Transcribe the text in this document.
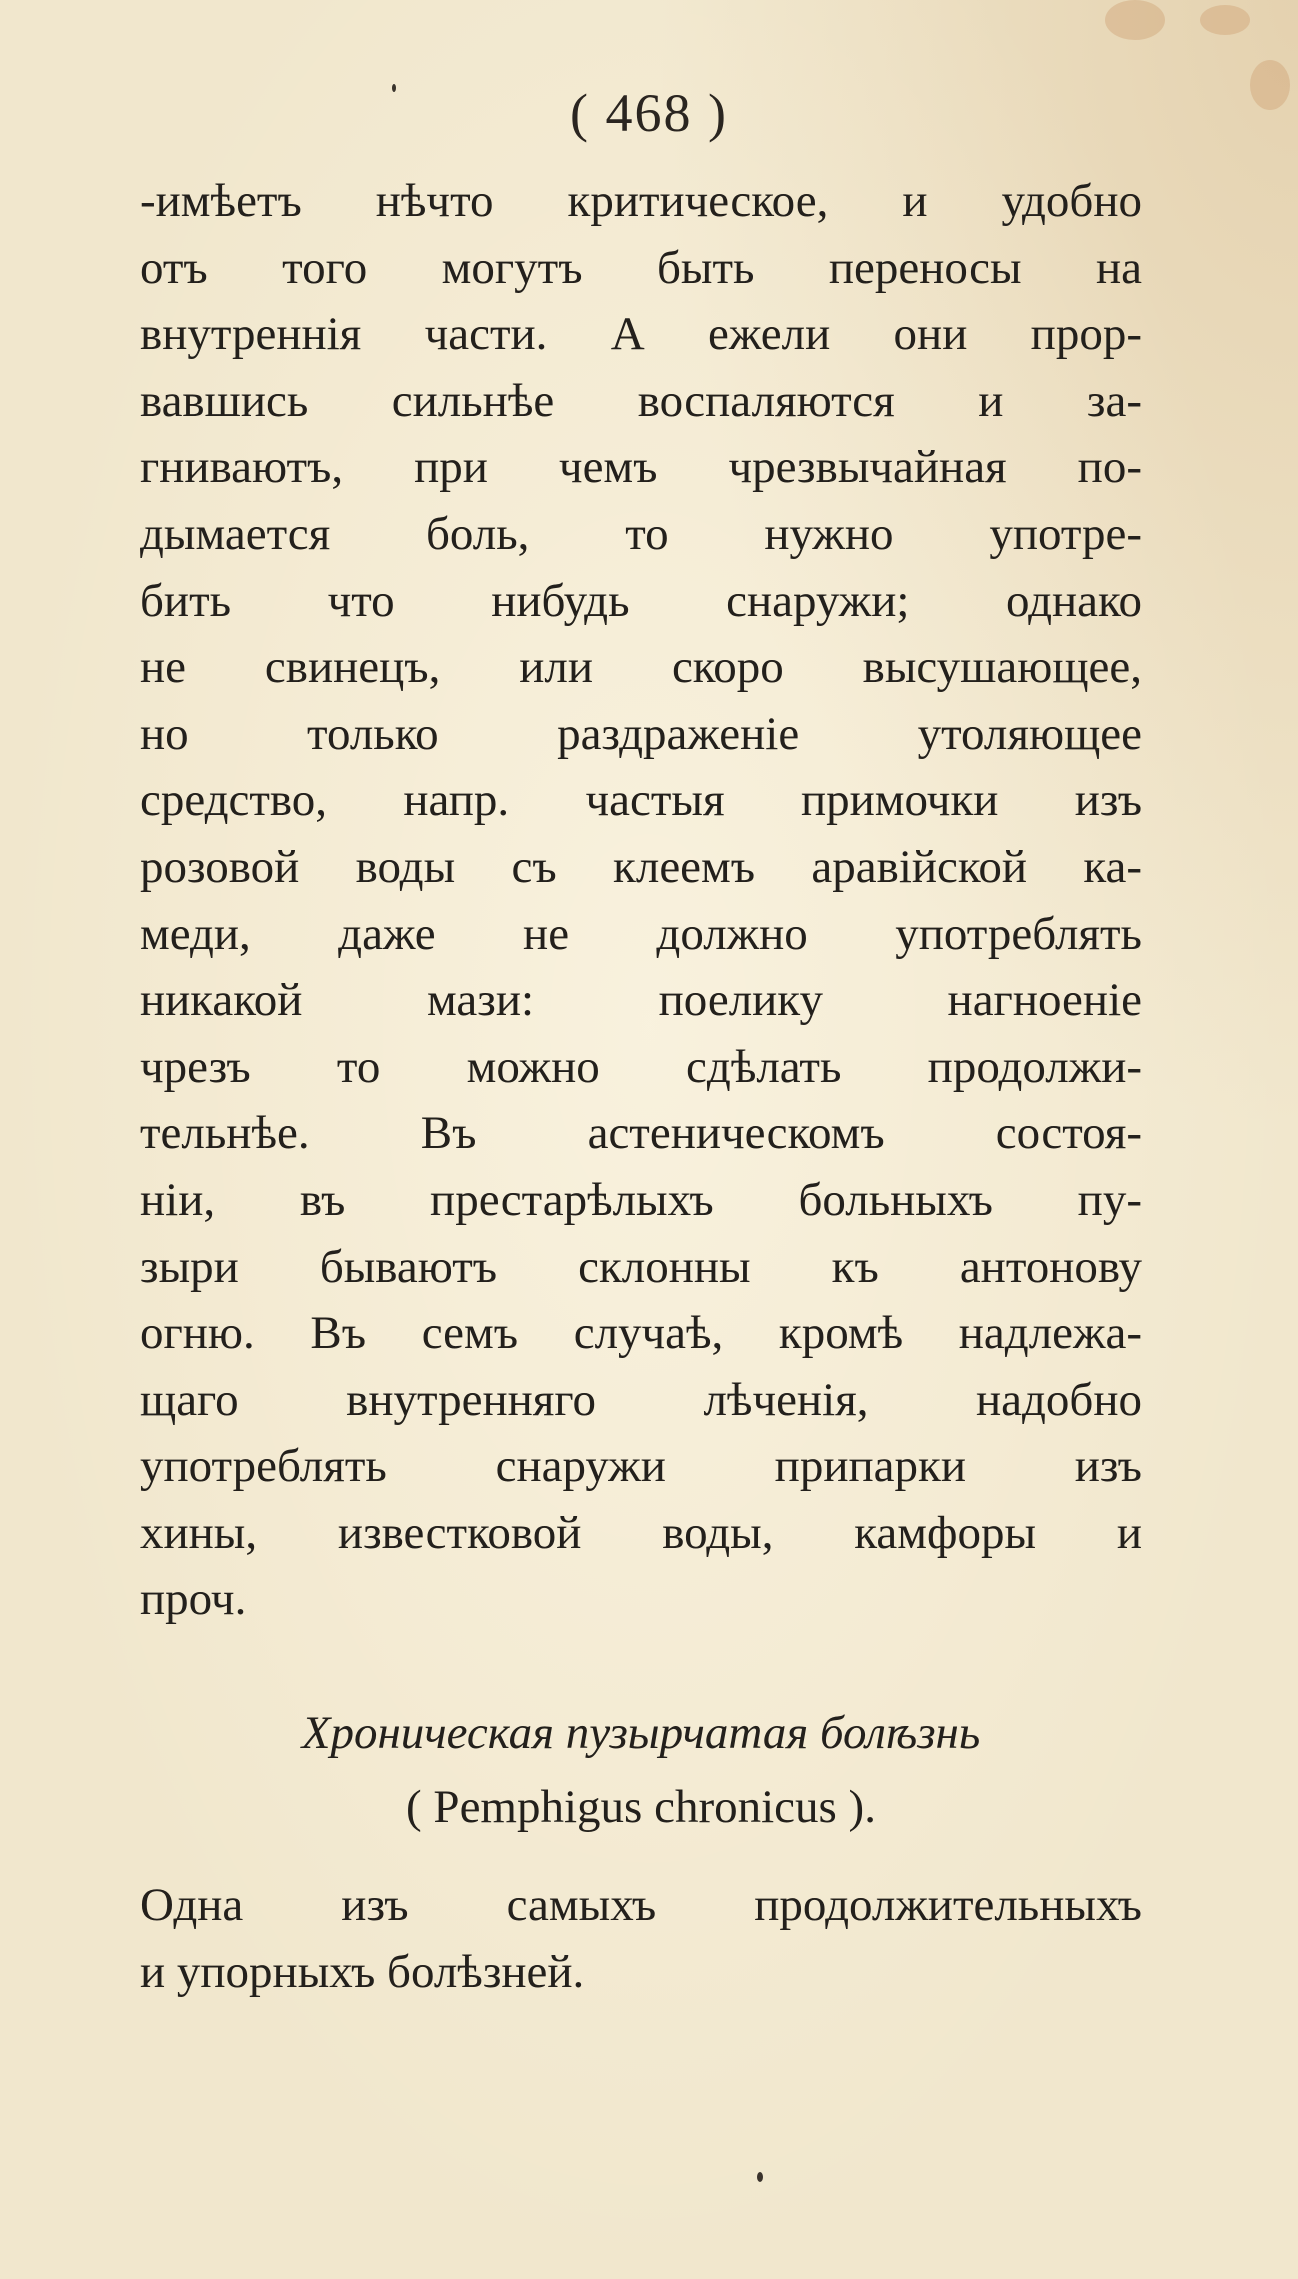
( 468 )
-имѣетъ нѣчто критическое, и удобно
отъ того могутъ быть переносы на
внутреннія части. А ежели они прор-
вавшись сильнѣе воспаляются и за-
гниваютъ, при чемъ чрезвычайная по-
дымается боль, то нужно употре-
бить что нибудь снаружи; однако
не свинецъ, или скоро высушающее,
но только раздраженіе утоляющее
средство, напр. частыя примочки изъ
розовой воды съ клеемъ аравійской ка-
меди, даже не должно употреблять
никакой мази: поелику нагноеніе
чрезъ то можно сдѣлать продолжи-
тельнѣе. Въ астеническомъ состоя-
ніи, въ престарѣлыхъ больныхъ пу-
зыри бываютъ склонны къ антонову
огню. Въ семъ случаѣ, кромѣ надлежа-
щаго внутренняго лѣченія, надобно
употреблять снаружи припарки изъ
хины, известковой воды, камфоры и
проч.
Хроническая пузырчатая болѣзнь
( Pemphigus chronicus ).
Одна изъ самыхъ продолжительныхъ
и упорныхъ болѣзней.
